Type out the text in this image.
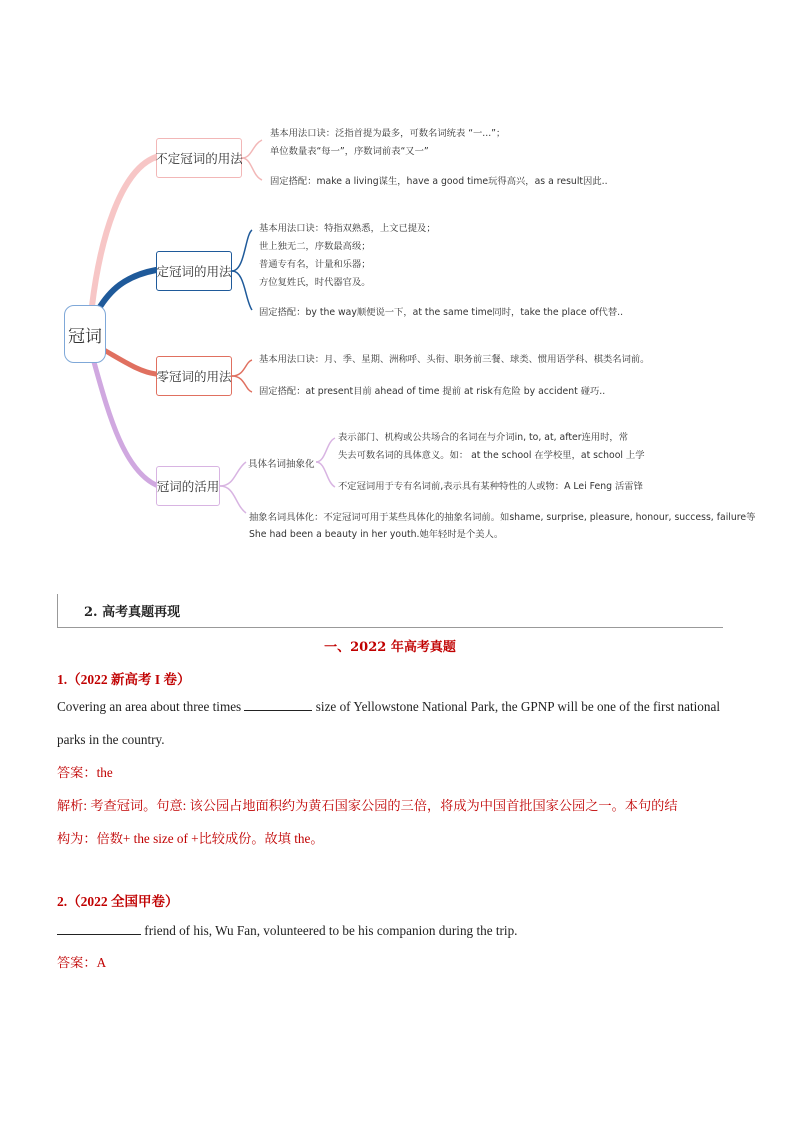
冠词
不定冠词的用法
定冠词的用法
零冠词的用法
冠词的活用
具体名词抽象化
基本用法口诀：泛指首提为最多，可数名词统表 “一...”；
单位数量表“每一”，序数词前表“又一”
固定搭配：make a living谋生，have a good time玩得高兴，as a result因此..
基本用法口诀：特指双熟悉，上文已提及；
世上独无二，序数最高级；
普通专有名，计量和乐器；
方位复姓氏，时代器官及。
固定搭配：by the way顺便说一下，at the same time同时，take the place of代替..
基本用法口诀：月、季、星期、洲称呼、头衔、职务前三餐、球类、惯用语学科、棋类名词前。
固定搭配：at present目前 ahead of time 提前 at risk有危险 by accident 碰巧..
表示部门、机构或公共场合的名词在与介词in, to, at, after连用时，常
失去可数名词的具体意义。如： at the school 在学校里，at school 上学
不定冠词用于专有名词前,表示具有某种特性的人或物：A Lei Feng 活雷锋
抽象名词具体化：不定冠词可用于某些具体化的抽象名词前。如shame, surprise, pleasure, honour, success, failure等
She had been a beauty in her youth.她年轻时是个美人。
2. 高考真题再现
一、2022 年高考真题
1.（2022 新高考 I 卷）
Covering an area about three times	size of Yellowstone National Park, the GPNP will be one of the first national parks in the country.
答案：the
解析: 考查冠词。句意: 该公园占地面积约为黄石国家公园的三倍，将成为中国首批国家公园之一。本句的结
构为：倍数+ the size of +比较成份。故填 the。
2.（2022 全国甲卷）
friend of his, Wu Fan, volunteered to be his companion during the trip.
答案：A
